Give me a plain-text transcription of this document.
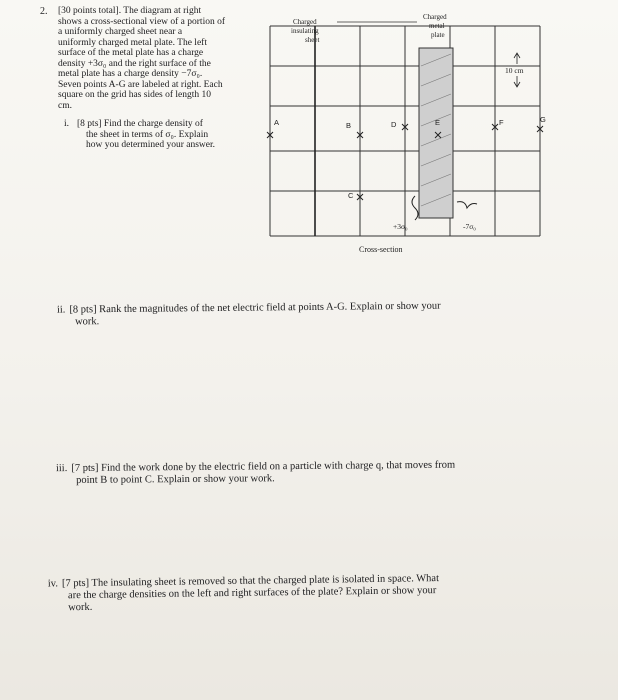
2. [30 points total]. The diagram at right
shows a cross-sectional view of a portion of
a uniformly charged sheet near a
uniformly charged metal plate. The left
surface of the metal plate has a charge
density +3σ₀ and the right surface of the
metal plate has a charge density −7σ₀.
Seven points A-G are labeled at right. Each
square on the grid has sides of length 10
cm.
i. [8 pts] Find the charge density of
the sheet in terms of σ₀. Explain
how you determined your answer.
ii. [8 pts] Rank the magnitudes of the net electric field at points A-G. Explain or show your
work.
iii. [7 pts] Find the work done by the electric field on a particle with charge q, that moves from
point B to point C. Explain or show your work.
iv. [7 pts] The insulating sheet is removed so that the charged plate is isolated in space. What
are the charge densities on the left and right surfaces of the plate? Explain or show your
work.
Charged
insulating
sheet
Charged
metal
plate
10 cm
A	B
C
D	E	F	G
+3σ₀	-7σ₀
Cross-section
